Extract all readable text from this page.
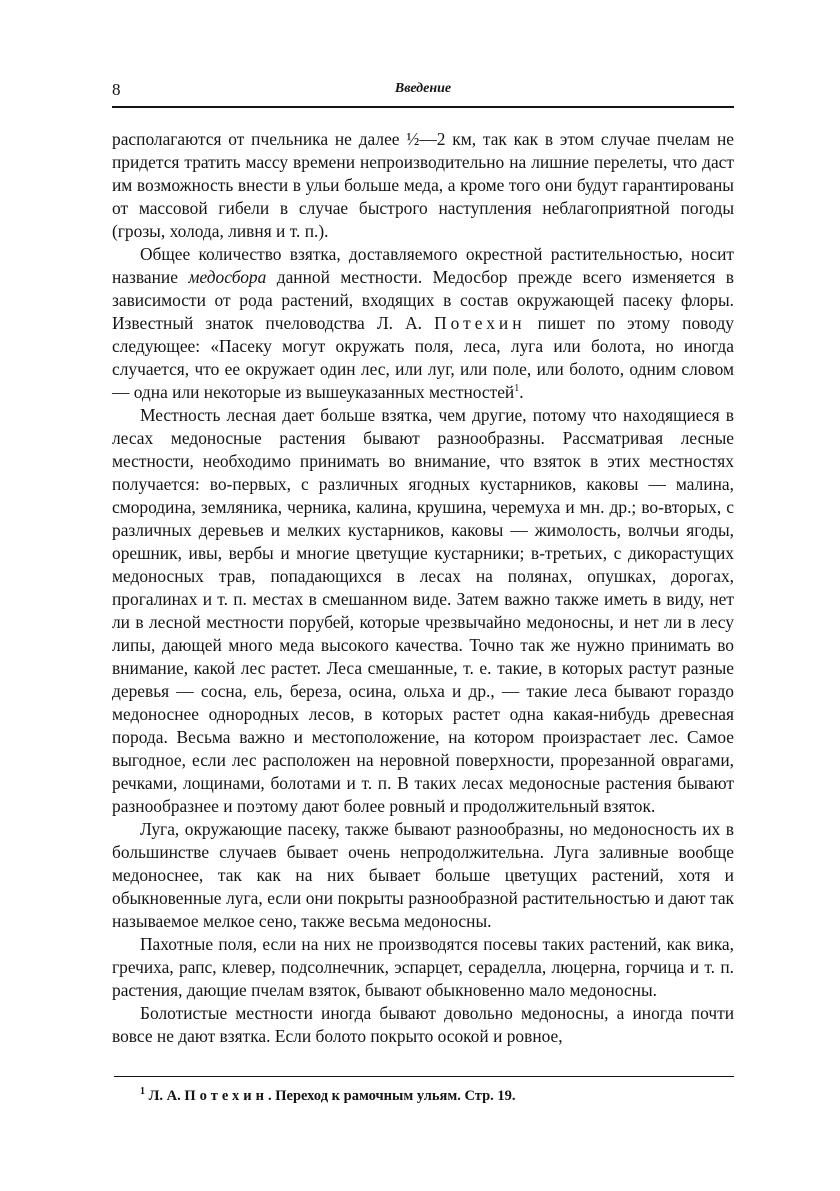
8	Введение

располагаются от пчельника не далее ½—2 км, так как в этом случае пчелам не придется тратить массу времени непроизводительно на лишние перелеты, что даст им возможность внести в ульи больше меда, а кроме того они будут гарантированы от массовой гибели в случае быстрого наступления неблагоприятной погоды (грозы, холода, ливня и т. п.).

Общее количество взятка, доставляемого окрестной растительностью, носит название медосбора данной местности. Медосбор прежде всего изменяется в зависимости от рода растений, входящих в состав окружающей пасеку флоры. Известный знаток пчеловодства Л. А. Потехин пишет по этому поводу следующее: «Пасеку могут окружать поля, леса, луга или болота, но иногда случается, что ее окружает один лес, или луг, или поле, или болото, одним словом — одна или некоторые из вышеуказанных местностей$^1$.

Местность лесная дает больше взятка, чем другие, потому что находящиеся в лесах медоносные растения бывают разнообразны. Рассматривая лесные местности, необходимо принимать во внимание, что взяток в этих местностях получается: во-первых, с различных ягодных кустарников, каковы — малина, смородина, земляника, черника, калина, крушина, черемуха и мн. др.; во-вторых, с различных деревьев и мелких кустарников, каковы — жимолость, волчьи ягоды, орешник, ивы, вербы и многие цветущие кустарники; в-третьих, с дикорастущих медоносных трав, попадающихся в лесах на полянах, опушках, дорогах, прогалинах и т. п. местах в смешанном виде. Затем важно также иметь в виду, нет ли в лесной местности порубей, которые чрезвычайно медоносны, и нет ли в лесу липы, дающей много меда высокого качества. Точно так же нужно принимать во внимание, какой лес растет. Леса смешанные, т. е. такие, в которых растут разные деревья — сосна, ель, береза, осина, ольха и др., — такие леса бывают гораздо медоноснее однородных лесов, в которых растет одна какая-нибудь древесная порода. Весьма важно и местоположение, на котором произрастает лес. Самое выгодное, если лес расположен на неровной поверхности, прорезанной оврагами, речками, лощинами, болотами и т. п. В таких лесах медоносные растения бывают разнообразнее и поэтому дают более ровный и продолжительный взяток.

Луга, окружающие пасеку, также бывают разнообразны, но медоносность их в большинстве случаев бывает очень непродолжительна. Луга заливные вообще медоноснее, так как на них бывает больше цветущих растений, хотя и обыкновенные луга, если они покрыты разнообразной растительностью и дают так называемое мелкое сено, также весьма медоносны.

Пахотные поля, если на них не производятся посевы таких растений, как вика, гречиха, рапс, клевер, подсолнечник, эспарцет, сераделла, люцерна, горчица и т. п. растения, дающие пчелам взяток, бывают обыкновенно мало медоносны.

Болотистые местности иногда бывают довольно медоносны, а иногда почти вовсе не дают взятка. Если болото покрыто осокой и ровное,

$^1$ Л. А. Потехин. Переход к рамочным ульям. Стр. 19.
